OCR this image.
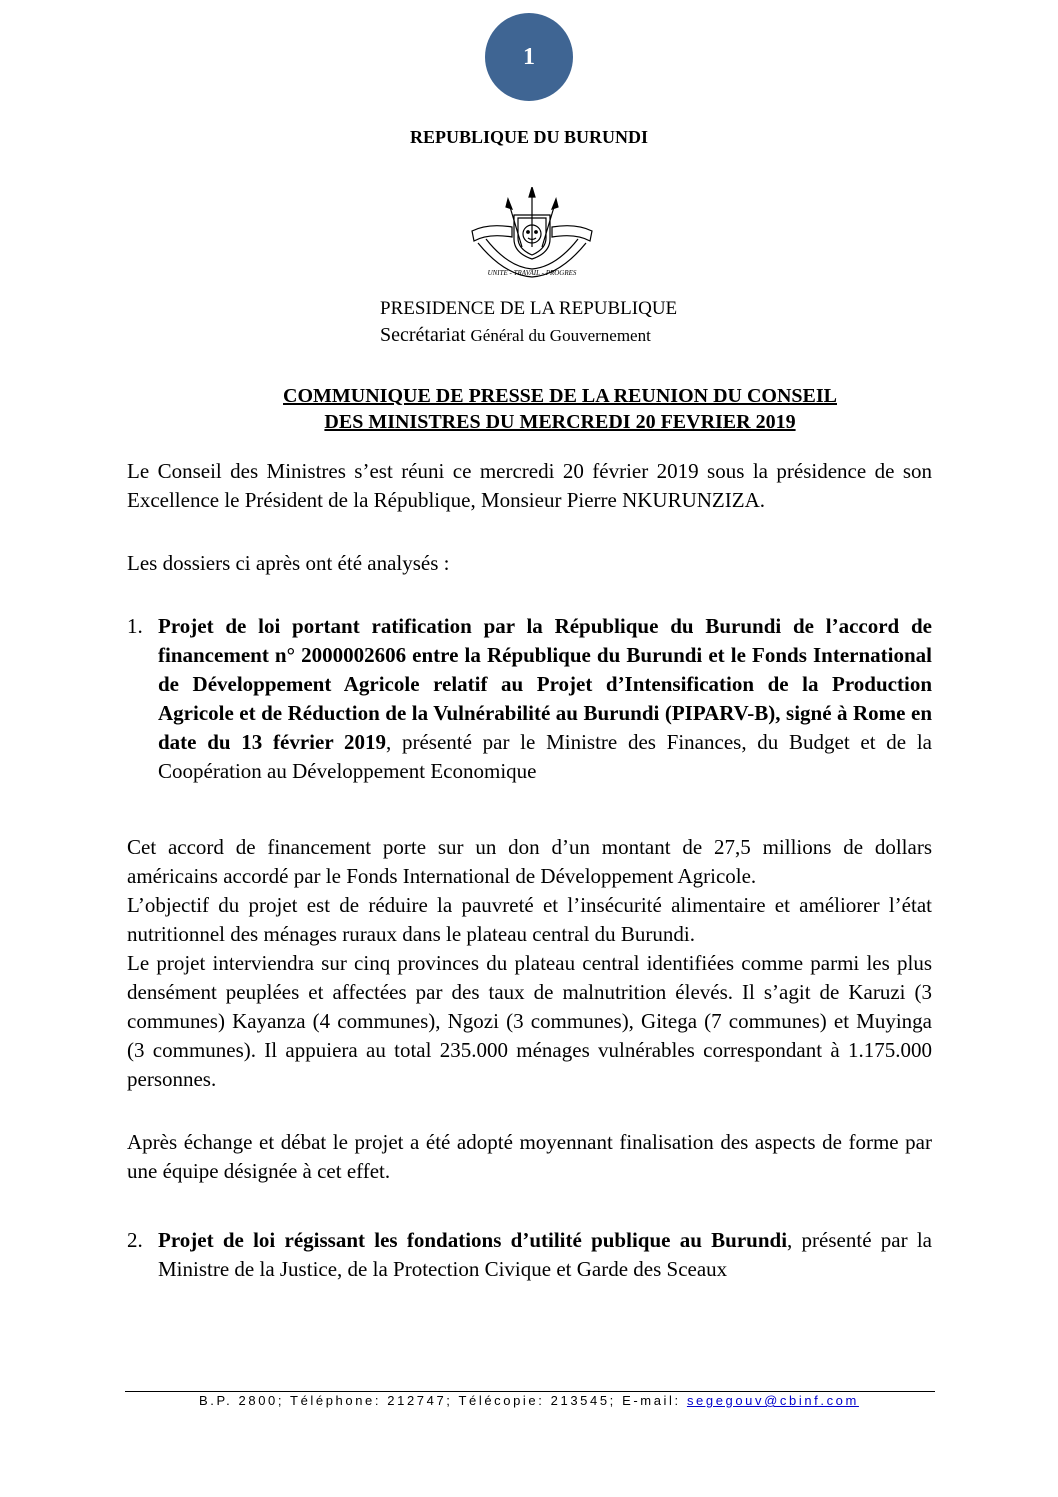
1
REPUBLIQUE DU BURUNDI
UNITE - TRAVAIL - PROGRES
PRESIDENCE DE LA REPUBLIQUE
Secrétariat Général du Gouvernement
COMMUNIQUE DE PRESSE DE LA REUNION DU CONSEIL
DES MINISTRES DU MERCREDI 20 FEVRIER 2019

Le Conseil des Ministres s’est réuni ce mercredi 20 février 2019 sous la présidence de son Excellence le Président de la République, Monsieur Pierre NKURUNZIZA.

Les dossiers ci après ont été analysés :

1. Projet de loi portant ratification par la République du Burundi de l’accord de financement n° 2000002606 entre la République du Burundi et le Fonds International de Développement Agricole relatif au Projet d’Intensification de la Production Agricole et de Réduction de la Vulnérabilité au Burundi (PIPARV-B), signé à Rome en date du 13 février 2019, présenté par le Ministre des Finances, du Budget et de la Coopération au Développement Economique

Cet accord de financement porte sur un don d’un montant de 27,5 millions de dollars américains accordé par le Fonds International de Développement Agricole.

L’objectif du projet est de réduire la pauvreté et l’insécurité alimentaire et améliorer l’état nutritionnel des ménages ruraux dans le plateau central du Burundi.

Le projet interviendra sur cinq provinces du plateau central identifiées comme parmi les plus densément peuplées et affectées par des taux de malnutrition élevés. Il s’agit de Karuzi (3 communes) Kayanza (4 communes), Ngozi (3 communes), Gitega (7 communes) et Muyinga (3 communes). Il appuiera au total 235.000 ménages vulnérables correspondant à 1.175.000 personnes.

Après échange et débat le projet a été adopté moyennant finalisation des aspects de forme par une équipe désignée à cet effet.

2. Projet de loi régissant les fondations d’utilité publique au Burundi, présenté par la Ministre de la Justice, de la Protection Civique et Garde des Sceaux
B.P. 2800; Téléphone: 212747; Télécopie: 213545; E-mail: segegouv@cbinf.com
